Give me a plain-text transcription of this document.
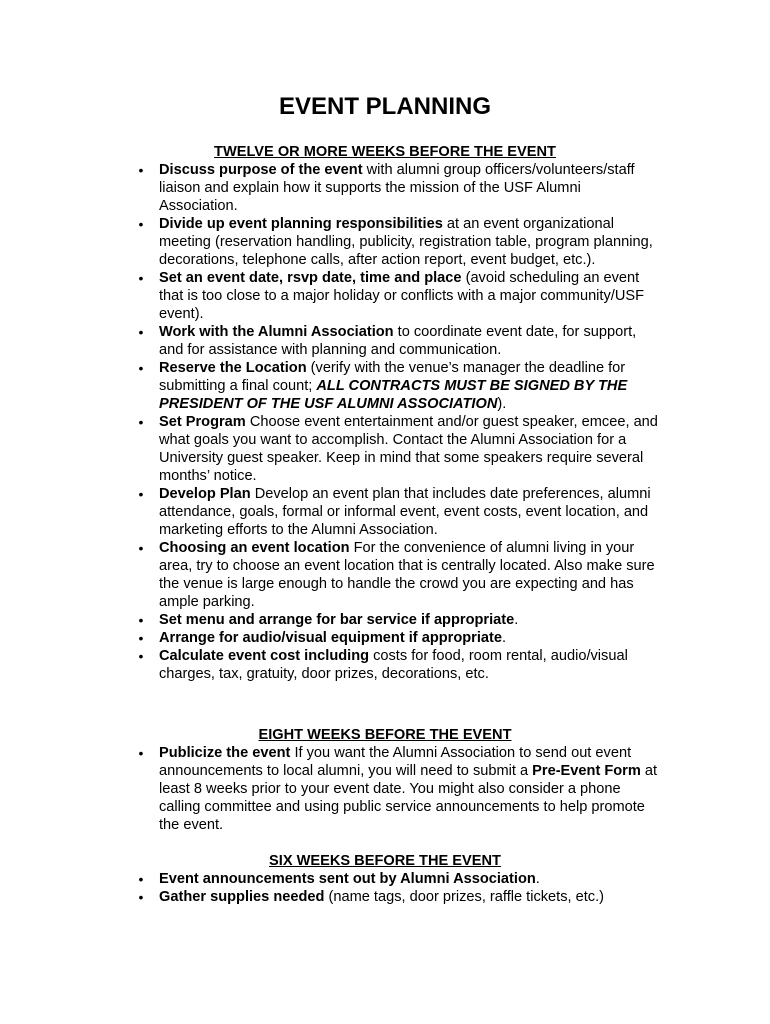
EVENT PLANNING
TWELVE OR MORE WEEKS BEFORE THE EVENT
• Discuss purpose of the event with alumni group officers/volunteers/staff liaison and explain how it supports the mission of the USF Alumni Association.
• Divide up event planning responsibilities at an event organizational meeting (reservation handling, publicity, registration table, program planning, decorations, telephone calls, after action report, event budget, etc.).
• Set an event date, rsvp date, time and place (avoid scheduling an event that is too close to a major holiday or conflicts with a major community/USF event).
• Work with the Alumni Association to coordinate event date, for support, and for assistance with planning and communication.
• Reserve the Location (verify with the venue’s manager the deadline for submitting a final count; ALL CONTRACTS MUST BE SIGNED BY THE PRESIDENT OF THE USF ALUMNI ASSOCIATION).
• Set Program Choose event entertainment and/or guest speaker, emcee, and what goals you want to accomplish. Contact the Alumni Association for a University guest speaker. Keep in mind that some speakers require several months’ notice.
• Develop Plan Develop an event plan that includes date preferences, alumni attendance, goals, formal or informal event, event costs, event location, and marketing efforts to the Alumni Association.
• Choosing an event location For the convenience of alumni living in your area, try to choose an event location that is centrally located. Also make sure the venue is large enough to handle the crowd you are expecting and has ample parking.
• Set menu and arrange for bar service if appropriate.
• Arrange for audio/visual equipment if appropriate.
• Calculate event cost including costs for food, room rental, audio/visual charges, tax, gratuity, door prizes, decorations, etc.
EIGHT WEEKS BEFORE THE EVENT
• Publicize the event If you want the Alumni Association to send out event announcements to local alumni, you will need to submit a Pre-Event Form at least 8 weeks prior to your event date. You might also consider a phone calling committee and using public service announcements to help promote the event.
SIX WEEKS BEFORE THE EVENT
• Event announcements sent out by Alumni Association.
• Gather supplies needed (name tags, door prizes, raffle tickets, etc.)
